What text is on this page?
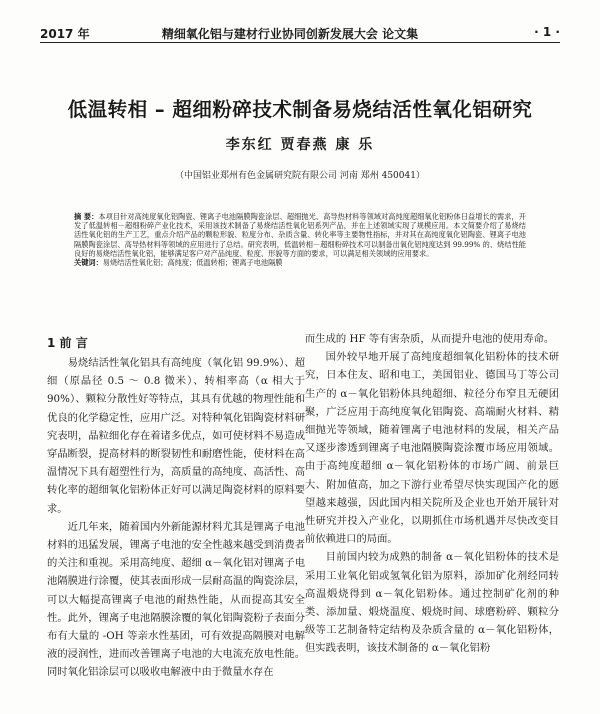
2017 年	精细氧化铝与建材行业协同创新发展大会 论文集	· 1 ·
低温转相 – 超细粉碎技术制备易烧结活性氧化铝研究
李东红 贾春燕 康 乐
（中国铝业郑州有色金属研究院有限公司 河南 郑州 450041）
摘 要：本项目针对高纯度氧化铝陶瓷、锂离子电池隔膜陶瓷涂层、超细抛光、高导热材料等领域对高纯度超细氧化铝粉体日益增长的需求，开发了低温转相－超细粉碎产业化技术，采用该技术制备了易烧结活性氧化铝系列产品，并在上述领域实现了规模应用。本文简要介绍了易烧结活性氧化铝的生产工艺，重点介绍产品的颗粒形貌、粒度分布、杂质含量、转化率等主要物性指标，并对其在高纯度氧化铝陶瓷、锂离子电池隔膜陶瓷涂层、高导热材料等领域的应用进行了总结。研究表明，低温转相－超细粉碎技术可以制备出氧化铝纯度达到 99.99% 的、烧结性能良好的易烧结活性氧化铝，能够满足客户对产品纯度、粒度、形貌等方面的要求，可以满足相关领域的应用要求。
关键词：易烧结活性氧化铝；高纯度；低温转相；锂离子电池隔膜
1 前 言

易烧结活性氧化铝具有高纯度（氧化铝 99.9%）、超细（原晶径 0.5 ～ 0.8 微米）、转相率高（α 相大于 90%）、颗粒分散性好等特点，其具有优越的物理性能和优良的化学稳定性，应用广泛。对特种氧化铝陶瓷材料研究表明，晶粒细化存在着诸多优点，如可使材料不易造成穿晶断裂，提高材料的断裂韧性和耐磨性能，使材料在高温情况下具有超塑性行为，高质量的高纯度、高活性、高转化率的超细氧化铝粉体正好可以满足陶瓷材料的原料要求。

近几年来，随着国内外新能源材料尤其是锂离子电池材料的迅猛发展，锂离子电池的安全性越来越受到消费者的关注和重视。采用高纯度、超细 α－氧化铝对锂离子电池隔膜进行涂覆，使其表面形成一层耐高温的陶瓷涂层，可以大幅提高锂离子电池的耐热性能，从而提高其安全性。此外，锂离子电池隔膜涂覆的氧化铝陶瓷粉子表面分布有大量的 -OH 等亲水性基团，可有效提高隔膜对电解液的浸润性，进而改善锂离子电池的大电流充放电性能。同时氧化铝涂层可以吸收电解液中由于微量水存在

而生成的 HF 等有害杂质，从而提升电池的使用寿命。

国外较早地开展了高纯度超细氧化铝粉体的技术研究，日本住友、昭和电工，美国铝业、德国马丁等公司生产的 α－氧化铝粉体具纯超细、粒径分布窄且无硬团聚，广泛应用于高纯度氧化铝陶瓷、高端耐火材料、精细抛光等领域，随着锂离子电池材料的发展，相关产品又逐步渗透到锂离子电池隔膜陶瓷涂覆市场应用领域。由于高纯度超细 α－氧化铝粉体的市场广阔、前景巨大、附加值高，加之下游行业希望尽快实现国产化的愿望越来越强，因此国内相关院所及企业也开始开展针对性研究并投入产业化，以期抓住市场机遇并尽快改变目前依赖进口的局面。

目前国内较为成熟的制备 α－氧化铝粉体的技术是采用工业氧化铝或氢氧化铝为原料，添加矿化剂经同转高温煅烧得到 α－氧化铝粉体。通过控制矿化剂的种类、添加量、煅烧温度、煅烧时间、球磨粉碎、颗粒分级等工艺制备特定结构及杂质含量的 α－氧化铝粉体，但实践表明，该技术制备的 α－氧化铝粉
